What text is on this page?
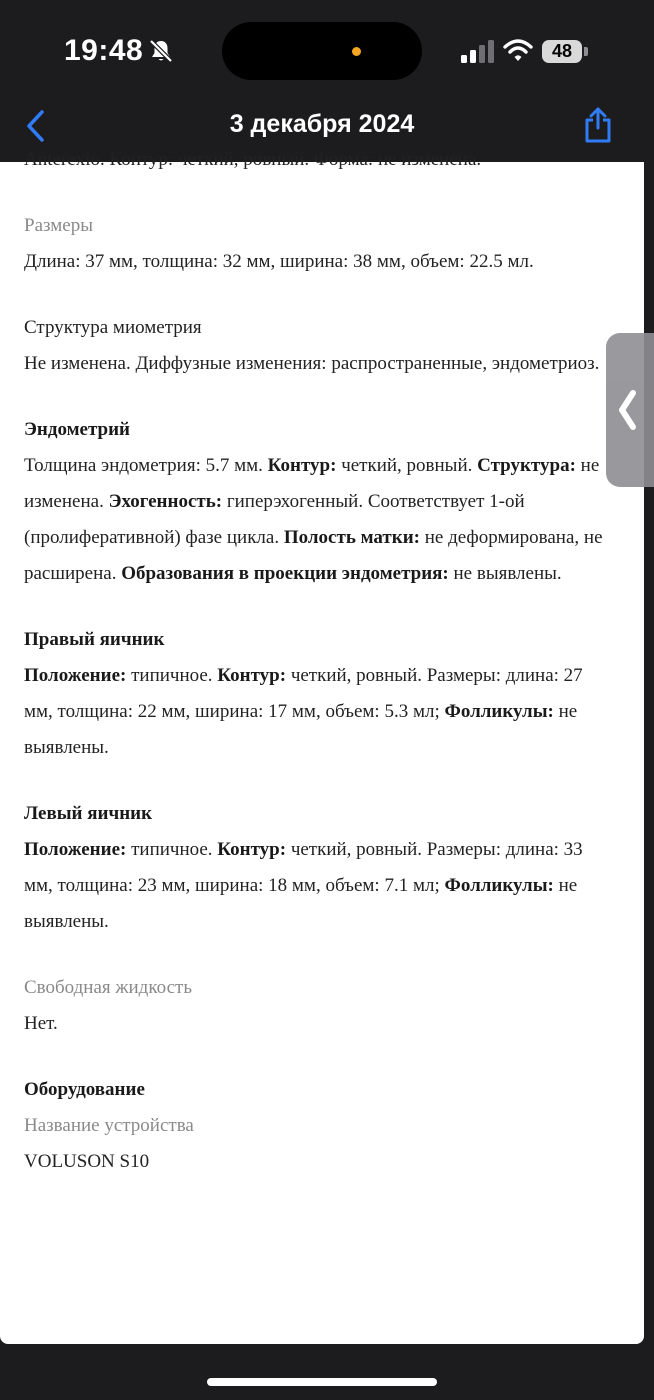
19:48	48
3 декабря 2024
Anterexio. Контур: четкий, ровный. Форма: не изменена.
Размеры
Длина: 37 мм, толщина: 32 мм, ширина: 38 мм, объем: 22.5 мл.
Структура миометрия
Не изменена. Диффузные изменения: распространенные, эндометриоз.
Эндометрий
Толщина эндометрия: 5.7 мм. Контур: четкий, ровный. Структура: не изменена. Эхогенность: гиперэхогенный. Соответствует 1-ой (пролиферативной) фазе цикла. Полость матки: не деформирована, не расширена. Образования в проекции эндометрия: не выявлены.
Правый яичник
Положение: типичное. Контур: четкий, ровный. Размеры: длина: 27 мм, толщина: 22 мм, ширина: 17 мм, объем: 5.3 мл; Фолликулы: не выявлены.
Левый яичник
Положение: типичное. Контур: четкий, ровный. Размеры: длина: 33 мм, толщина: 23 мм, ширина: 18 мм, объем: 7.1 мл; Фолликулы: не выявлены.
Свободная жидкость
Нет.
Оборудование
Название устройства
VOLUSON S10
